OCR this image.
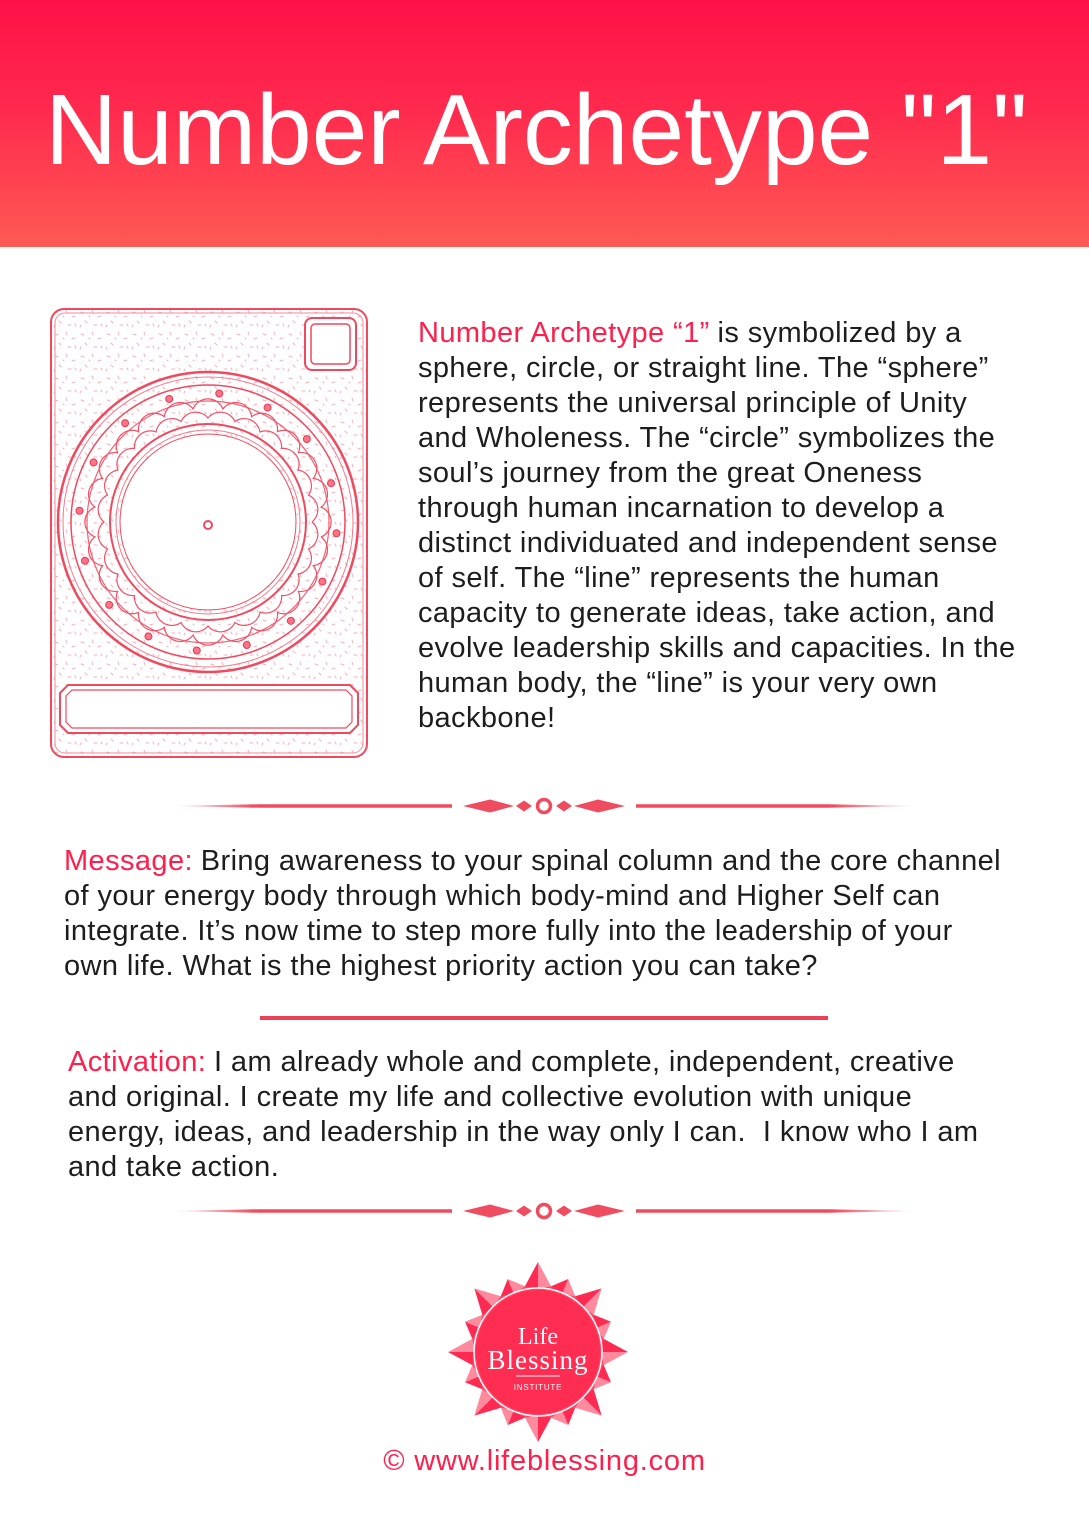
Number Archetype "1"
Number Archetype “1” is symbolized by a
sphere, circle, or straight line. The “sphere”
represents the universal principle of Unity
and Wholeness. The “circle” symbolizes the
soul’s journey from the great Oneness
through human incarnation to develop a
distinct individuated and independent sense
of self. The “line” represents the human
capacity to generate ideas, take action, and
evolve leadership skills and capacities. In the
human body, the “line” is your very own
backbone!
Message: Bring awareness to your spinal column and the core channel
of your energy body through which body-mind and Higher Self can
integrate. It’s now time to step more fully into the leadership of your
own life. What is the highest priority action you can take?
Activation: I am already whole and complete, independent, creative
and original. I create my life and collective evolution with unique
energy, ideas, and leadership in the way only I can.  I know who I am
and take action.
Life
Blessing
INSTITUTE
© www.lifeblessing.com
